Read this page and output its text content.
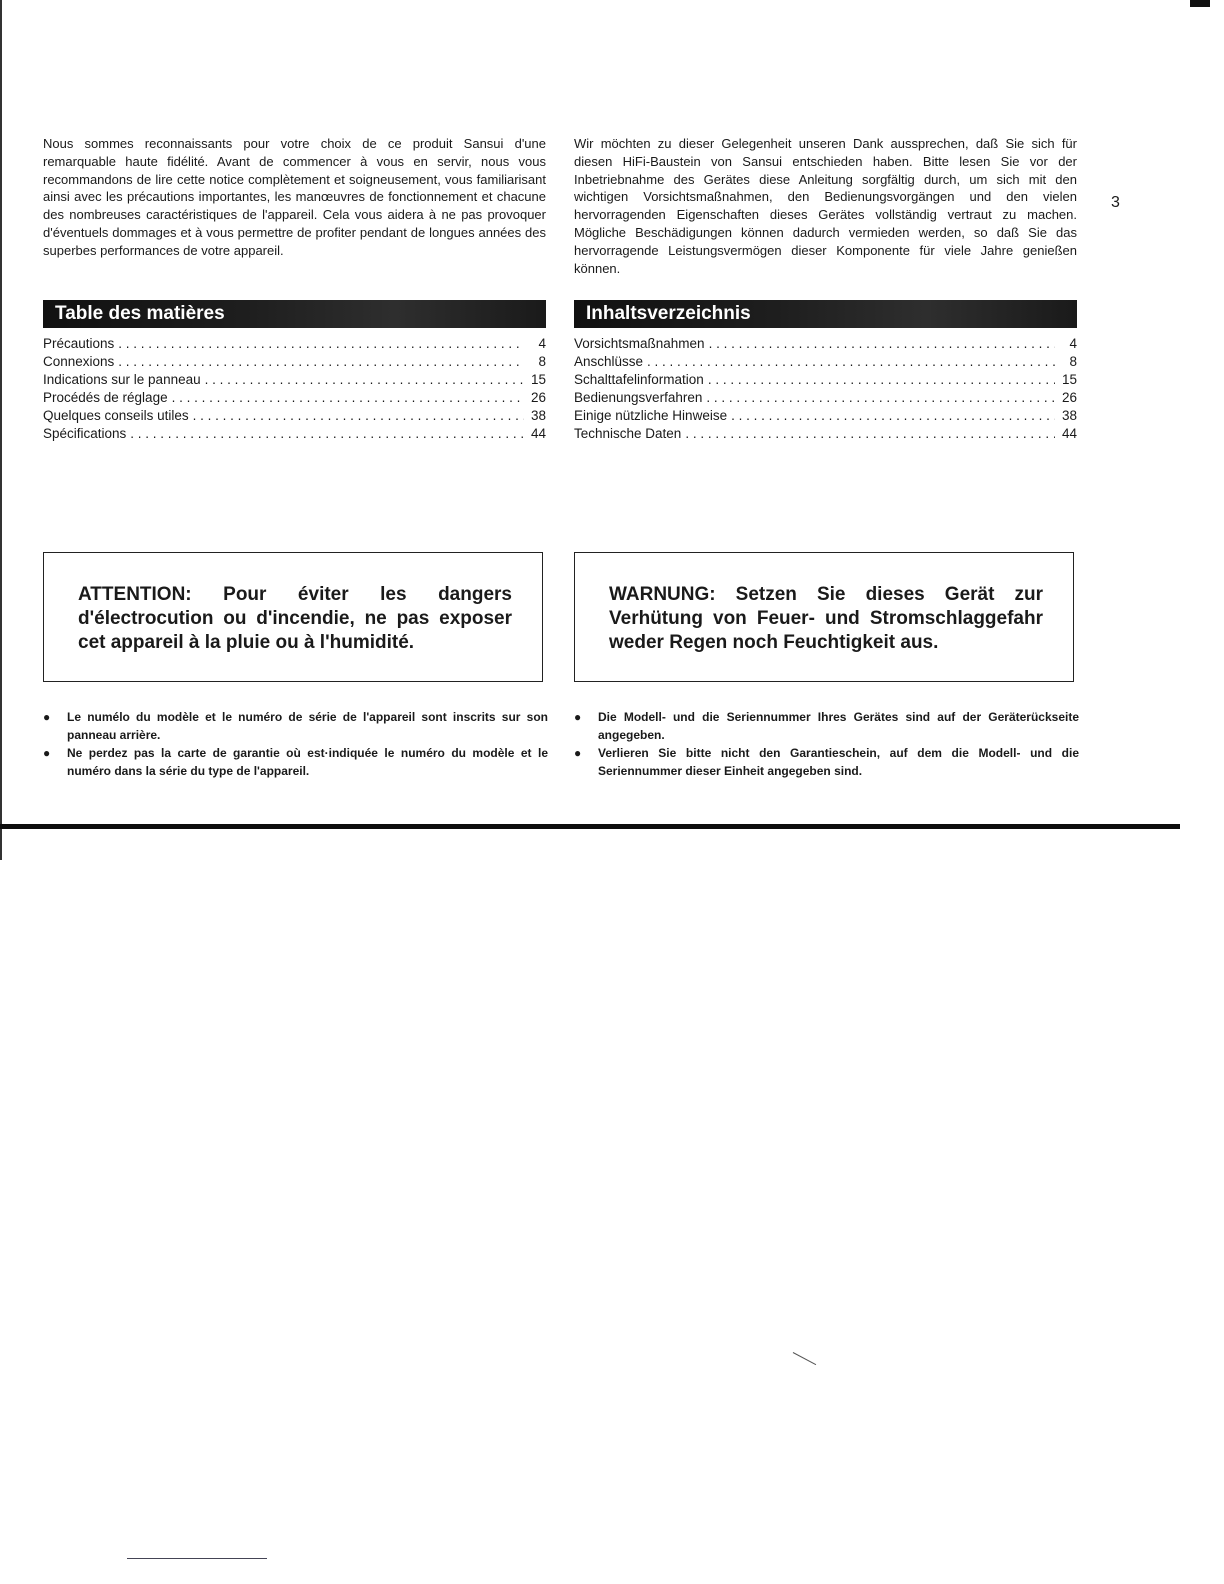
Nous sommes reconnaissants pour votre choix de ce produit Sansui d'une remarquable haute fidélité. Avant de commencer à vous en servir, nous vous recommandons de lire cette notice complètement et soigneusement, vous familiarisant ainsi avec les précautions importantes, les manœuvres de fonctionnement et chacune des nombreuses caractéristiques de l'appareil. Cela vous aidera à ne pas provoquer d'éventuels dommages et à vous permettre de profiter pendant de longues années des superbes performances de votre appareil.

Table des matières
Précautions . . .	4
Connexions . . .	8
Indications sur le panneau . . .	15
Procédés de réglage . . .	26
Quelques conseils utiles . . .	38
Spécifications . . .	44

ATTENTION: Pour éviter les dangers d'électrocution ou d'incendie, ne pas exposer cet appareil à la pluie ou à l'humidité.

● Le numélo du modèle et le numéro de série de l'appareil sont inscrits sur son panneau arrière.
● Ne perdez pas la carte de garantie où est·indiquée le numéro du modèle et le numéro dans la série du type de l'appareil.

Wir möchten zu dieser Gelegenheit unseren Dank aussprechen, daß Sie sich für diesen HiFi-Baustein von Sansui entschieden haben. Bitte lesen Sie vor der Inbetriebnahme des Gerätes diese Anleitung sorgfältig durch, um sich mit den wichtigen Vorsichtsmaßnahmen, den Bedienungsvorgängen und den vielen hervorragenden Eigenschaften dieses Gerätes vollständig vertraut zu machen. Mögliche Beschädigungen können dadurch vermieden werden, so daß Sie das hervorragende Leistungsvermögen dieser Komponente für viele Jahre genießen können.

Inhaltsverzeichnis
Vorsichtsmaßnahmen . . .	4
Anschlüsse . . .	8
Schalttafelinformation . . .	15
Bedienungsverfahren . . .	26
Einige nützliche Hinweise . . .	38
Technische Daten . . .	44

WARNUNG: Setzen Sie dieses Gerät zur Verhütung von Feuer- und Stromschlaggefahr weder Regen noch Feuchtigkeit aus.

● Die Modell- und die Seriennummer Ihres Gerätes sind auf der Geräterückseite angegeben.
● Verlieren Sie bitte nicht den Garantieschein, auf dem die Modell- und die Seriennummer dieser Einheit angegeben sind.
3
